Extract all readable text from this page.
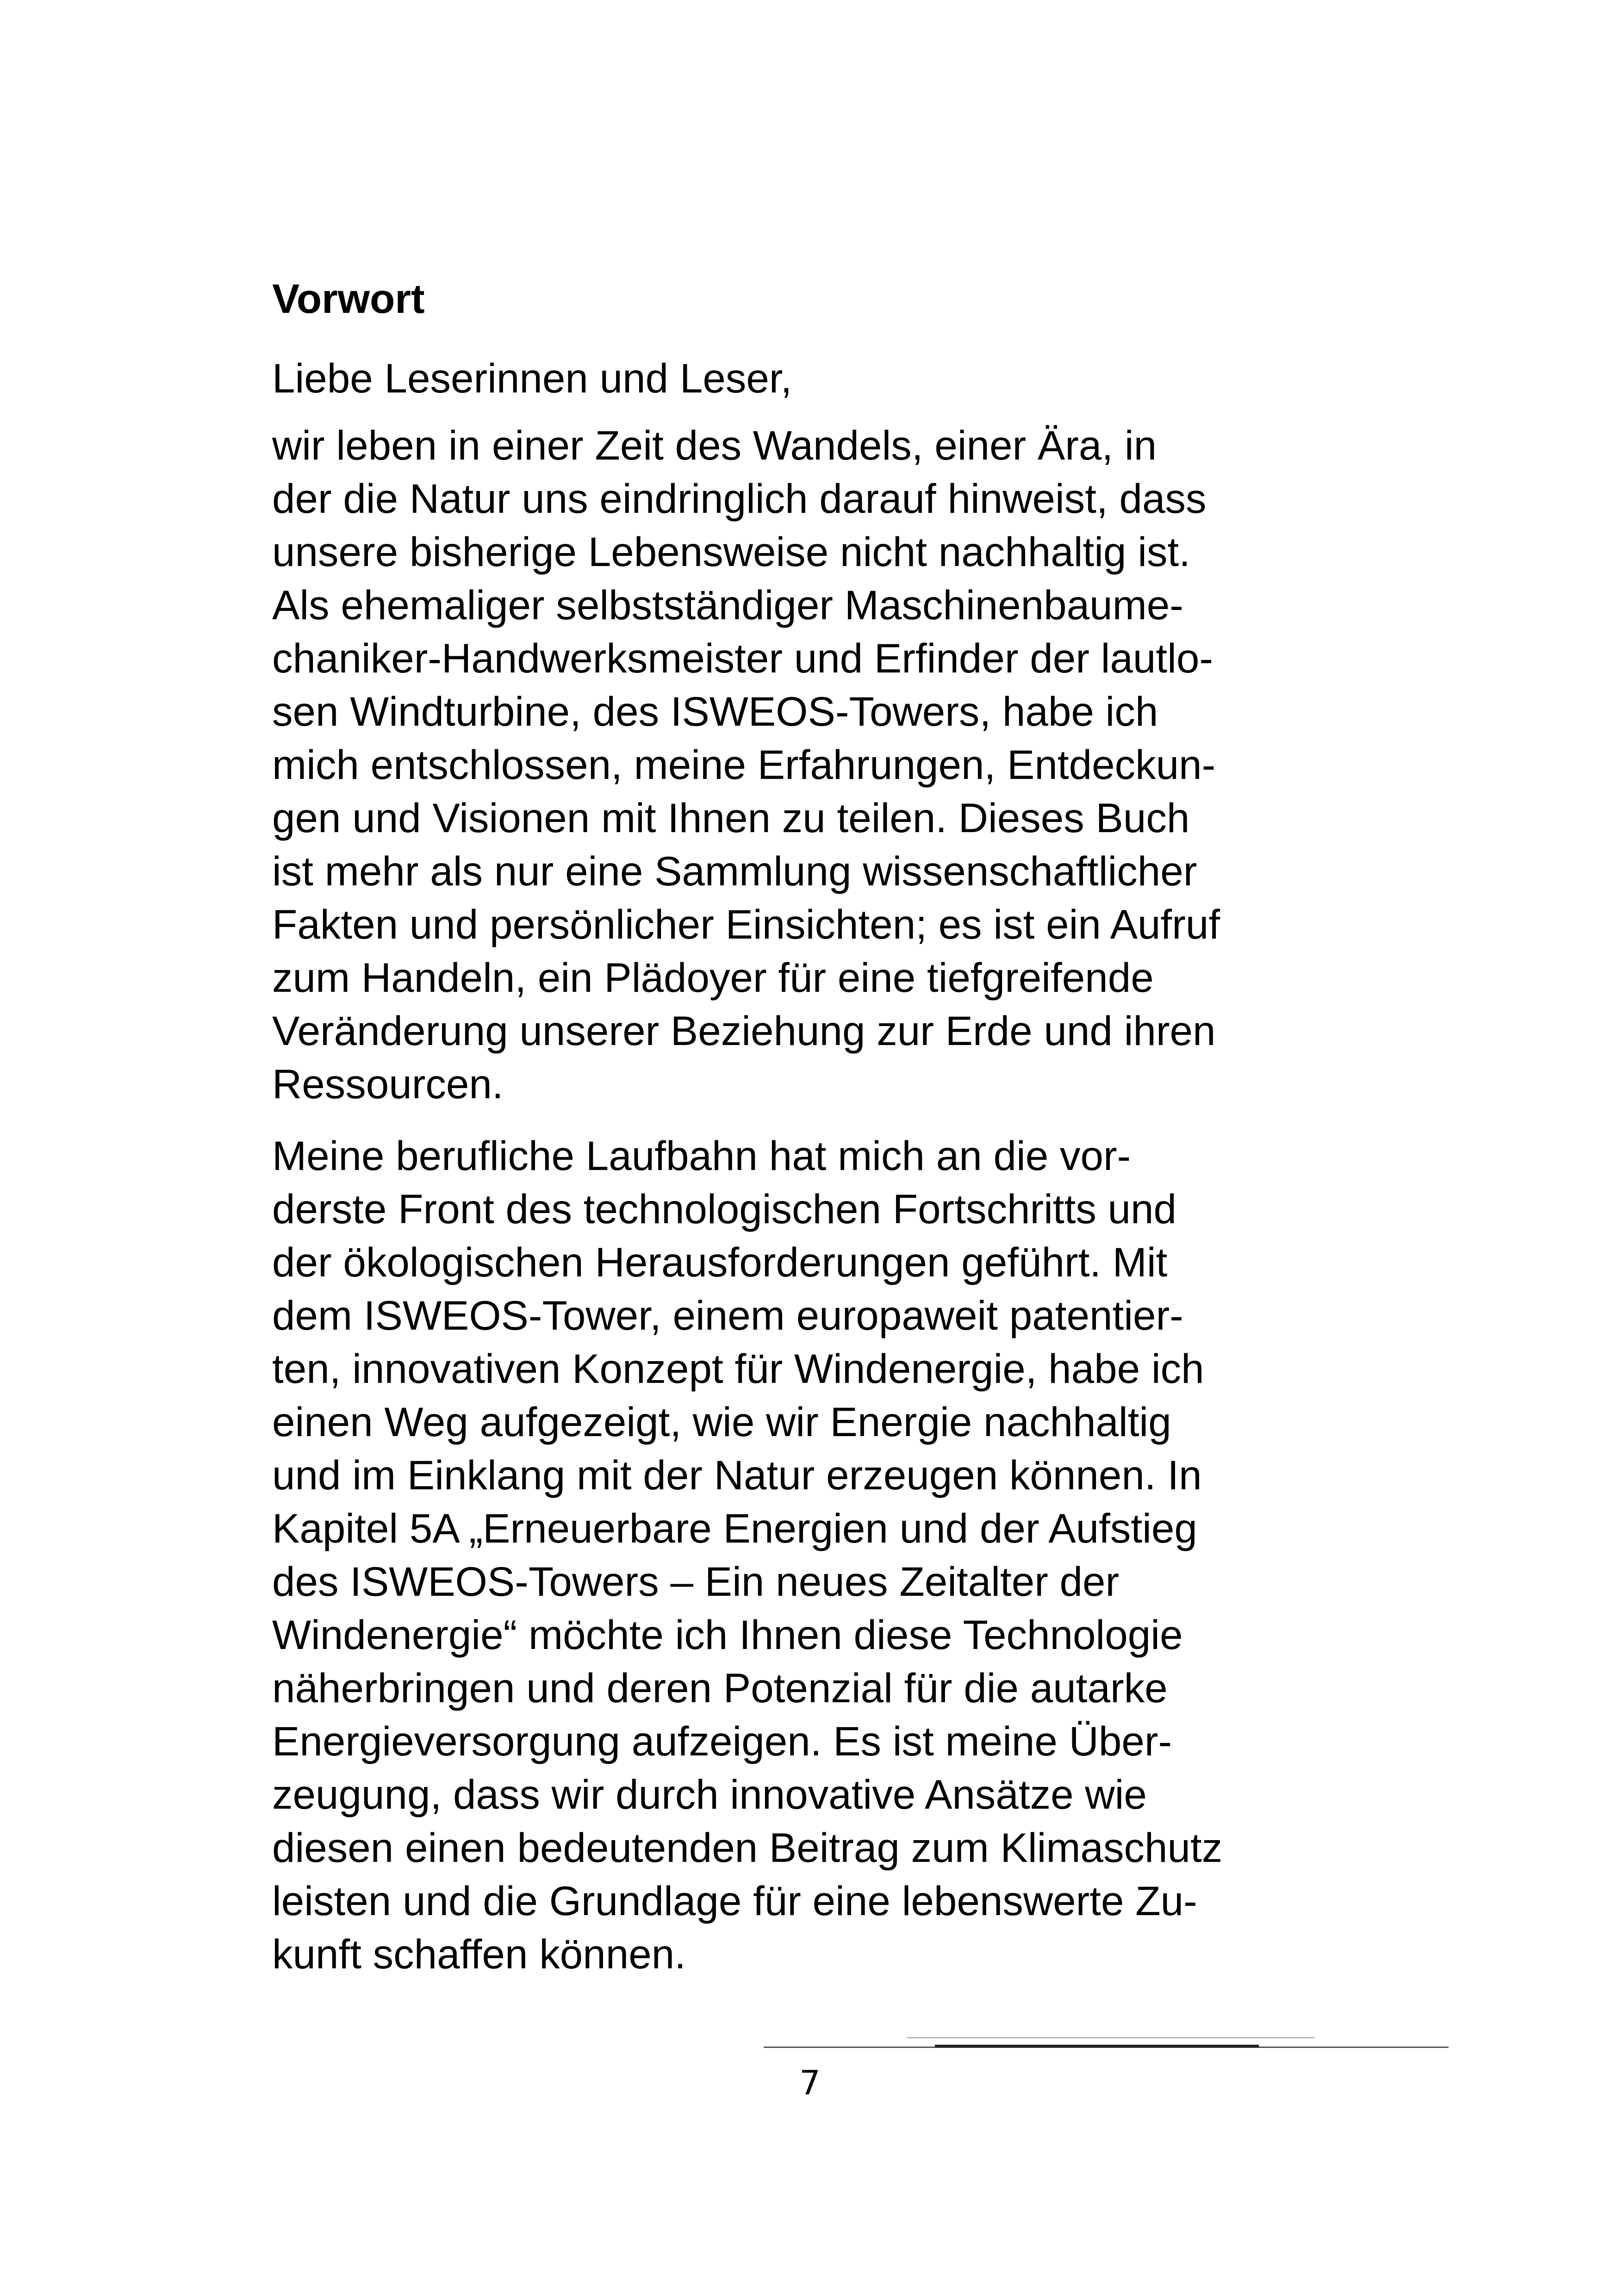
Vorwort

Liebe Leserinnen und Leser,

wir leben in einer Zeit des Wandels, einer Ära, in
der die Natur uns eindringlich darauf hinweist, dass
unsere bisherige Lebensweise nicht nachhaltig ist.
Als ehemaliger selbstständiger Maschinenbaume-
chaniker-Handwerksmeister und Erfinder der lautlo-
sen Windturbine, des ISWEOS-Towers, habe ich
mich entschlossen, meine Erfahrungen, Entdeckun-
gen und Visionen mit Ihnen zu teilen. Dieses Buch
ist mehr als nur eine Sammlung wissenschaftlicher
Fakten und persönlicher Einsichten; es ist ein Aufruf
zum Handeln, ein Plädoyer für eine tiefgreifende
Veränderung unserer Beziehung zur Erde und ihren
Ressourcen.
Meine berufliche Laufbahn hat mich an die vor-
derste Front des technologischen Fortschritts und
der ökologischen Herausforderungen geführt. Mit
dem ISWEOS-Tower, einem europaweit patentier-
ten, innovativen Konzept für Windenergie, habe ich
einen Weg aufgezeigt, wie wir Energie nachhaltig
und im Einklang mit der Natur erzeugen können. In
Kapitel 5A „Erneuerbare Energien und der Aufstieg
des ISWEOS-Towers – Ein neues Zeitalter der
Windenergie“ möchte ich Ihnen diese Technologie
näherbringen und deren Potenzial für die autarke
Energieversorgung aufzeigen. Es ist meine Über-
zeugung, dass wir durch innovative Ansätze wie
diesen einen bedeutenden Beitrag zum Klimaschutz
leisten und die Grundlage für eine lebenswerte Zu-
kunft schaffen können.
7
